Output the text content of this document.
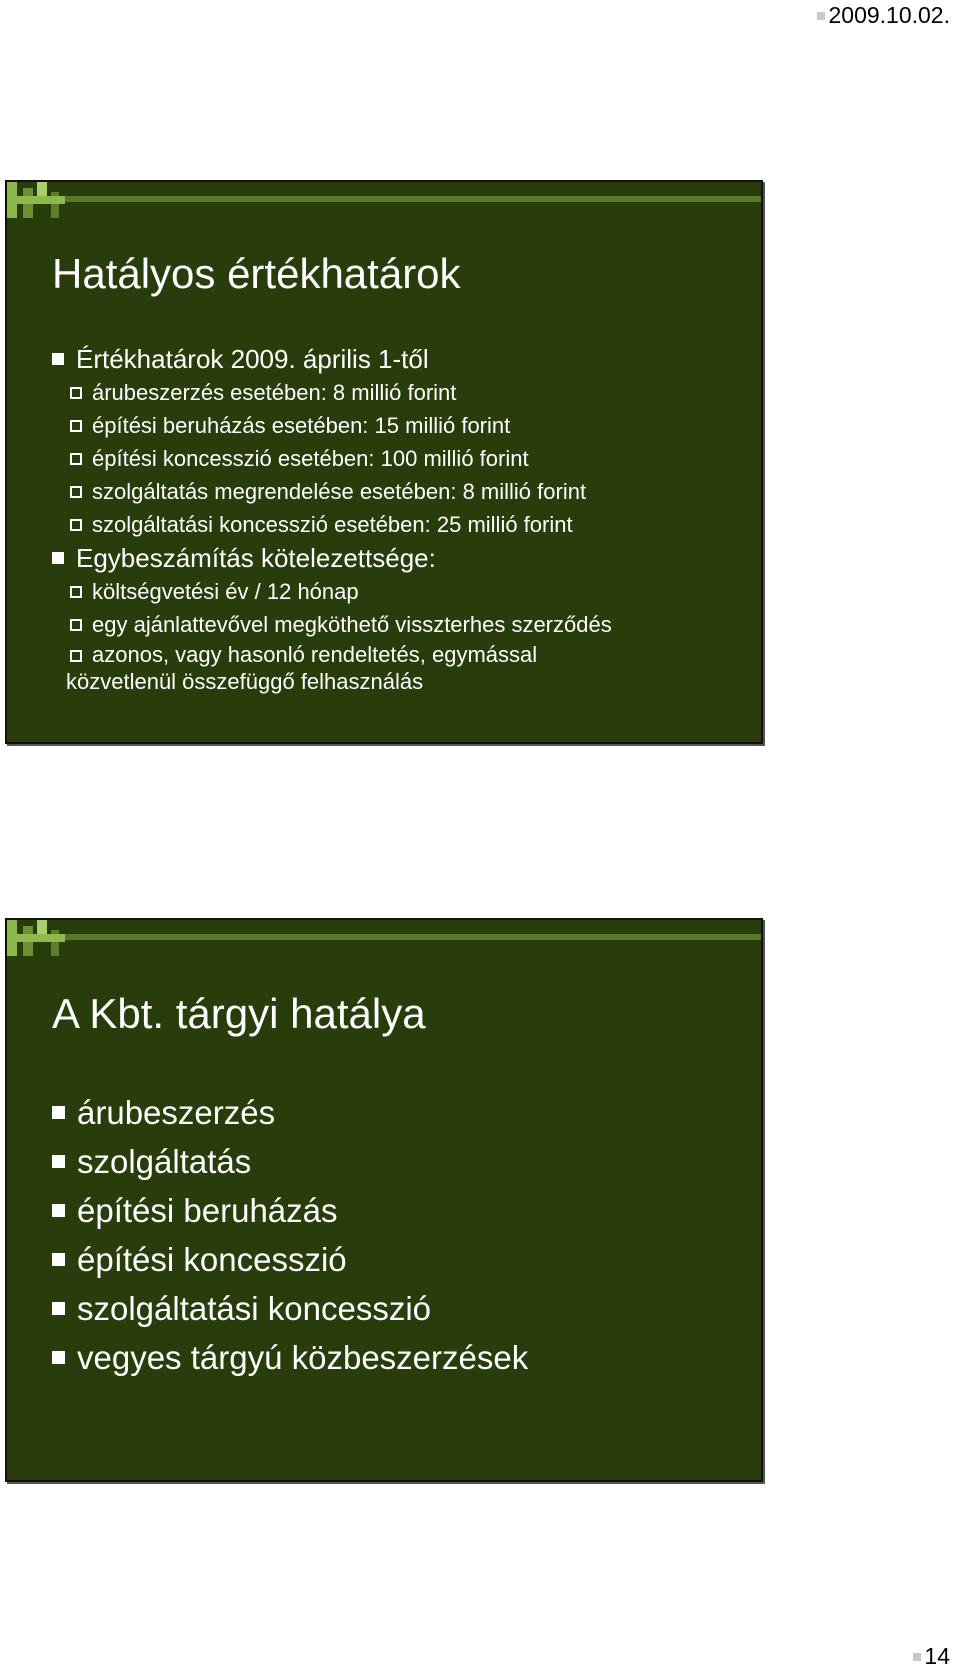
2009.10.02.
Hatályos értékhatárok
Értékhatárok 2009. április 1-től
árubeszerzés esetében: 8 millió forint
építési beruházás esetében: 15 millió forint
építési koncesszió esetében: 100 millió forint
szolgáltatás megrendelése esetében: 8 millió forint
szolgáltatási koncesszió esetében: 25 millió forint
Egybeszámítás kötelezettsége:
költségvetési év / 12 hónap
egy ajánlattevővel megköthető visszterhes szerződés
azonos, vagy hasonló rendeltetés, egymással
közvetlenül összefüggő felhasználás
A Kbt. tárgyi hatálya
árubeszerzés
szolgáltatás
építési beruházás
építési koncesszió
szolgáltatási koncesszió
vegyes tárgyú közbeszerzések
14
